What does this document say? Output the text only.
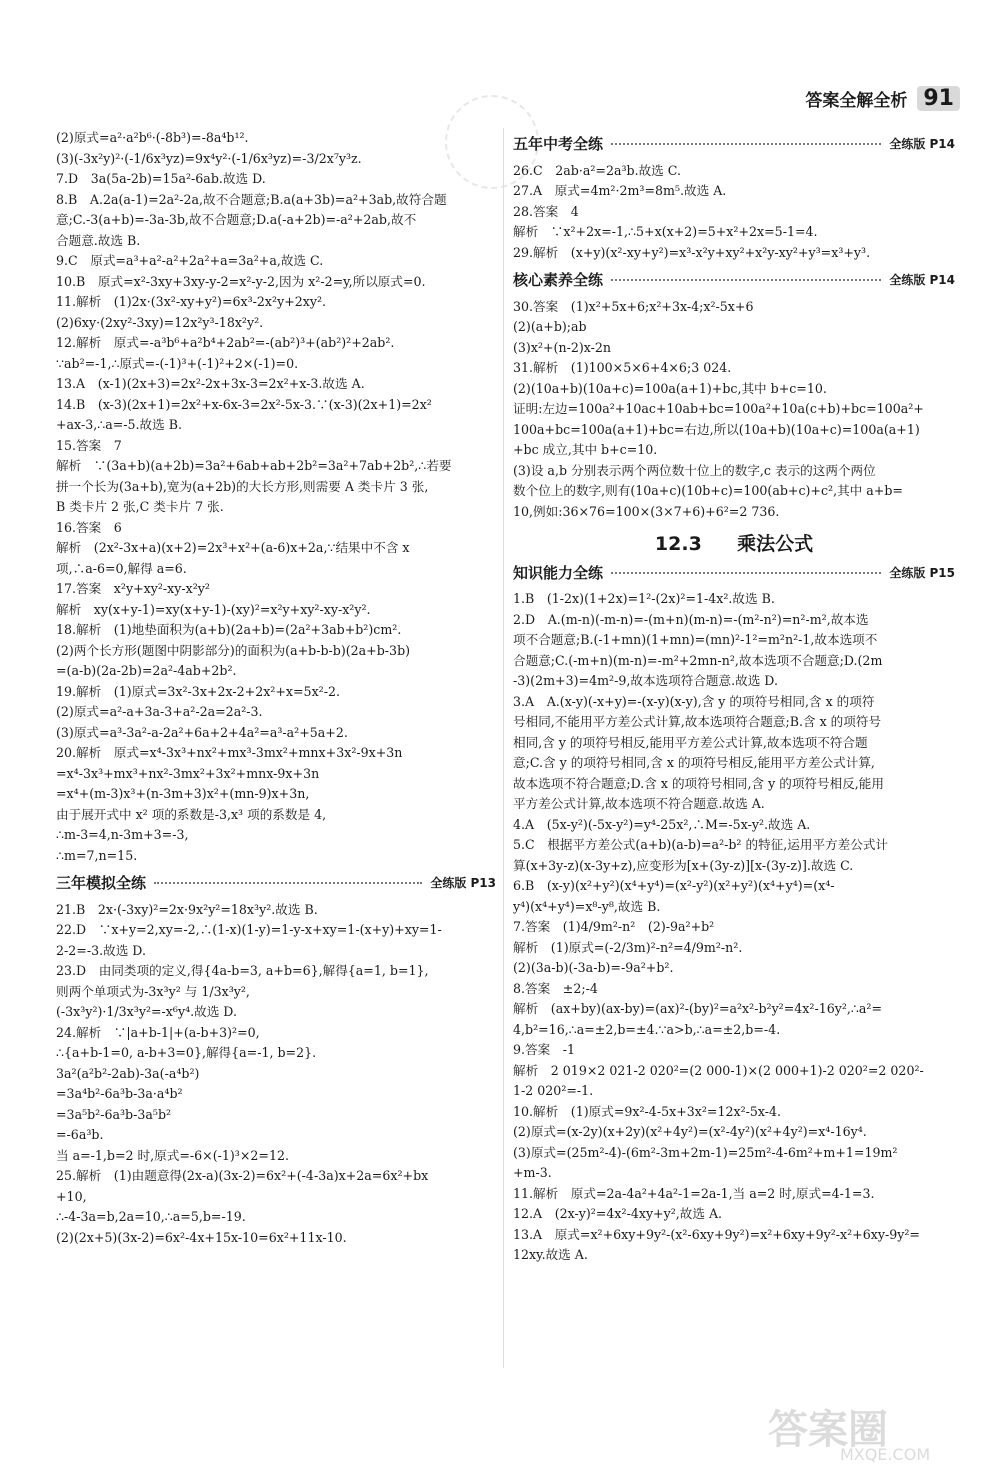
答案全解全析 91
(2)原式=a²·a²b⁶·(-8b³)=-8a⁴b¹².
(3)(-3x²y)²·(-1/6x³yz)=9x⁴y²·(-1/6x³yz)=-3/2x⁷y³z.
7.D　3a(5a-2b)=15a²-6ab.故选 D.
8.B　A.2a(a-1)=2a²-2a,故不合题意;B.a(a+3b)=a²+3ab,故符合题
意;C.-3(a+b)=-3a-3b,故不合题意;D.a(-a+2b)=-a²+2ab,故不
合题意.故选 B.
9.C　原式=a³+a²-a²+2a²+a=3a²+a,故选 C.
10.B　原式=x²-3xy+3xy-y-2=x²-y-2,因为 x²-2=y,所以原式=0.
11.解析　(1)2x·(3x²-xy+y²)=6x³-2x²y+2xy².
(2)6xy·(2xy²-3xy)=12x²y³-18x²y².
12.解析　原式=-a³b⁶+a²b⁴+2ab²=-(ab²)³+(ab²)²+2ab².
∵ab²=-1,∴原式=-(-1)³+(-1)²+2×(-1)=0.
13.A　(x-1)(2x+3)=2x²-2x+3x-3=2x²+x-3.故选 A.
14.B　(x-3)(2x+1)=2x²+x-6x-3=2x²-5x-3.∵(x-3)(2x+1)=2x²
+ax-3,∴a=-5.故选 B.
15.答案　7
解析　∵(3a+b)(a+2b)=3a²+6ab+ab+2b²=3a²+7ab+2b²,∴若要
拼一个长为(3a+b),宽为(a+2b)的大长方形,则需要 A 类卡片 3 张,
B 类卡片 2 张,C 类卡片 7 张.
16.答案　6
解析　(2x²-3x+a)(x+2)=2x³+x²+(a-6)x+2a,∵结果中不含 x
项,∴a-6=0,解得 a=6.
17.答案　x²y+xy²-xy-x²y²
解析　xy(x+y-1)=xy(x+y-1)-(xy)²=x²y+xy²-xy-x²y².
18.解析　(1)地垫面积为(a+b)(2a+b)=(2a²+3ab+b²)cm².
(2)两个长方形(题图中阴影部分)的面积为(a+b-b-b)(2a+b-3b)
=(a-b)(2a-2b)=2a²-4ab+2b².
19.解析　(1)原式=3x²-3x+2x-2+2x²+x=5x²-2.
(2)原式=a²-a+3a-3+a²-2a=2a²-3.
(3)原式=a³-3a²-a-2a²+6a+2+4a²=a³-a²+5a+2.
20.解析　原式=x⁴-3x³+nx²+mx³-3mx²+mnx+3x²-9x+3n
=x⁴-3x³+mx³+nx²-3mx²+3x²+mnx-9x+3n
=x⁴+(m-3)x³+(n-3m+3)x²+(mn-9)x+3n,
由于展开式中 x² 项的系数是-3,x³ 项的系数是 4,
∴m-3=4,n-3m+3=-3,
∴m=7,n=15.
三年模拟全练	全练版 P13
21.B　2x·(-3xy)²=2x·9x²y²=18x³y².故选 B.
22.D　∵x+y=2,xy=-2,∴(1-x)(1-y)=1-y-x+xy=1-(x+y)+xy=1-
2-2=-3.故选 D.
23.D　由同类项的定义,得{4a-b=3, a+b=6},解得{a=1, b=1},
则两个单项式为-3x³y² 与 1/3x³y²,
(-3x³y²)·1/3x³y²=-x⁶y⁴.故选 D.
24.解析　∵|a+b-1|+(a-b+3)²=0,
∴{a+b-1=0, a-b+3=0},解得{a=-1, b=2}.
3a²(a²b²-2ab)-3a(-a⁴b²)
=3a⁴b²-6a³b-3a·a⁴b²
=3a⁵b²-6a³b-3a⁵b²
=-6a³b.
当 a=-1,b=2 时,原式=-6×(-1)³×2=12.
25.解析　(1)由题意得(2x-a)(3x-2)=6x²+(-4-3a)x+2a=6x²+bx
+10,
∴-4-3a=b,2a=10,∴a=5,b=-19.
(2)(2x+5)(3x-2)=6x²-4x+15x-10=6x²+11x-10.
五年中考全练	全练版 P14
26.C　2ab·a²=2a³b.故选 C.
27.A　原式=4m²·2m³=8m⁵.故选 A.
28.答案　4
解析　∵x²+2x=-1,∴5+x(x+2)=5+x²+2x=5-1=4.
29.解析　(x+y)(x²-xy+y²)=x³-x²y+xy²+x²y-xy²+y³=x³+y³.
核心素养全练	全练版 P14
30.答案　(1)x²+5x+6;x²+3x-4;x²-5x+6
(2)(a+b);ab
(3)x²+(n-2)x-2n
31.解析　(1)100×5×6+4×6;3 024.
(2)(10a+b)(10a+c)=100a(a+1)+bc,其中 b+c=10.
证明:左边=100a²+10ac+10ab+bc=100a²+10a(c+b)+bc=100a²+
100a+bc=100a(a+1)+bc=右边,所以(10a+b)(10a+c)=100a(a+1)
+bc 成立,其中 b+c=10.
(3)设 a,b 分别表示两个两位数十位上的数字,c 表示的这两个两位
数个位上的数字,则有(10a+c)(10b+c)=100(ab+c)+c²,其中 a+b=
10,例如:36×76=100×(3×7+6)+6²=2 736.
12.3 乘法公式
知识能力全练	全练版 P15
1.B　(1-2x)(1+2x)=1²-(2x)²=1-4x².故选 B.
2.D　A.(m-n)(-m-n)=-(m+n)(m-n)=-(m²-n²)=n²-m²,故本选
项不合题意;B.(-1+mn)(1+mn)=(mn)²-1²=m²n²-1,故本选项不
合题意;C.(-m+n)(m-n)=-m²+2mn-n²,故本选项不合题意;D.(2m
-3)(2m+3)=4m²-9,故本选项符合题意.故选 D.
3.A　A.(x-y)(-x+y)=-(x-y)(x-y),含 y 的项符号相同,含 x 的项符
号相同,不能用平方差公式计算,故本选项符合题意;B.含 x 的项符号
相同,含 y 的项符号相反,能用平方差公式计算,故本选项不符合题
意;C.含 y 的项符号相同,含 x 的项符号相反,能用平方差公式计算,
故本选项不符合题意;D.含 x 的项符号相同,含 y 的项符号相反,能用
平方差公式计算,故本选项不符合题意.故选 A.
4.A　(5x-y²)(-5x-y²)=y⁴-25x²,∴M=-5x-y².故选 A.
5.C　根据平方差公式(a+b)(a-b)=a²-b² 的特征,运用平方差公式计
算(x+3y-z)(x-3y+z),应变形为[x+(3y-z)][x-(3y-z)].故选 C.
6.B　(x-y)(x²+y²)(x⁴+y⁴)=(x²-y²)(x²+y²)(x⁴+y⁴)=(x⁴-
y⁴)(x⁴+y⁴)=x⁸-y⁸,故选 B.
7.答案　(1)4/9m²-n²　(2)-9a²+b²
解析　(1)原式=(-2/3m)²-n²=4/9m²-n².
(2)(3a-b)(-3a-b)=-9a²+b².
8.答案　±2;-4
解析　(ax+by)(ax-by)=(ax)²-(by)²=a²x²-b²y²=4x²-16y²,∴a²=
4,b²=16,∴a=±2,b=±4.∵a>b,∴a=±2,b=-4.
9.答案　-1
解析　2 019×2 021-2 020²=(2 000-1)×(2 000+1)-2 020²=2 020²-
1-2 020²=-1.
10.解析　(1)原式=9x²-4-5x+3x²=12x²-5x-4.
(2)原式=(x-2y)(x+2y)(x²+4y²)=(x²-4y²)(x²+4y²)=x⁴-16y⁴.
(3)原式=(25m²-4)-(6m²-3m+2m-1)=25m²-4-6m²+m+1=19m²
+m-3.
11.解析　原式=2a-4a²+4a²-1=2a-1,当 a=2 时,原式=4-1=3.
12.A　(2x-y)²=4x²-4xy+y²,故选 A.
13.A　原式=x²+6xy+9y²-(x²-6xy+9y²)=x²+6xy+9y²-x²+6xy-9y²=
12xy.故选 A.
答案圈
MXQE.COM
